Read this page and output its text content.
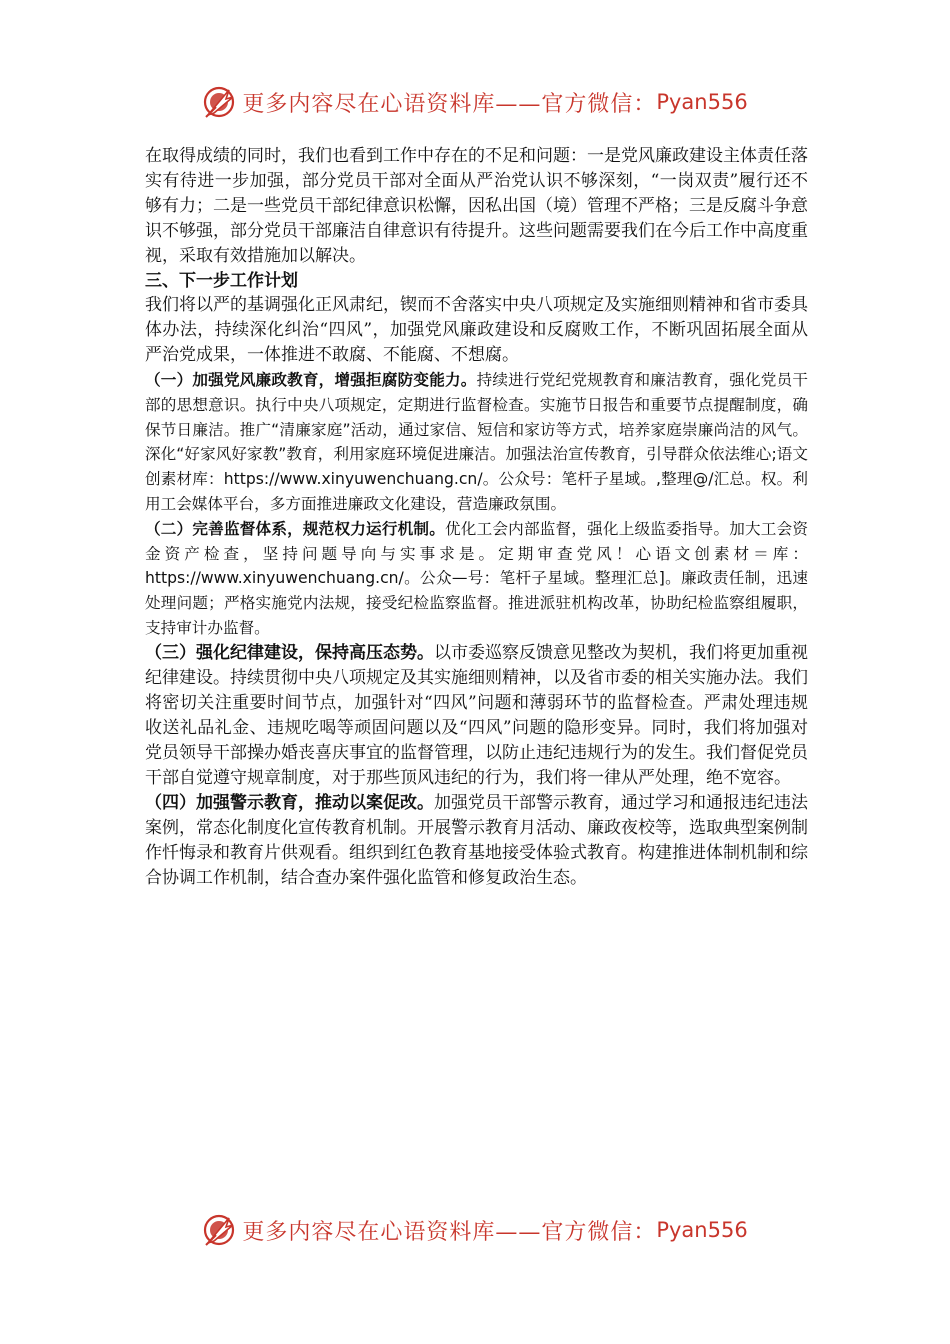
更多内容尽在心语资料库——官方微信： Pyan556

在取得成绩的同时，我们也看到工作中存在的不足和问题：一是党风廉政建设主体责任落实有待进一步加强，部分党员干部对全面从严治党认识不够深刻，“一岗双责”履行还不够有力；二是一些党员干部纪律意识松懈，因私出国（境）管理不严格；三是反腐斗争意识不够强，部分党员干部廉洁自律意识有待提升。这些问题需要我们在今后工作中高度重视，采取有效措施加以解决。

三、下一步工作计划

我们将以严的基调强化正风肃纪，锲而不舍落实中央八项规定及实施细则精神和省市委具体办法，持续深化纠治“四风”，加强党风廉政建设和反腐败工作，不断巩固拓展全面从严治党成果，一体推进不敢腐、不能腐、不想腐。

（一）加强党风廉政教育，增强拒腐防变能力。持续进行党纪党规教育和廉洁教育，强化党员干部的思想意识。执行中央八项规定，定期进行监督检查。实施节日报告和重要节点提醒制度，确保节日廉洁。推广“清廉家庭”活动，通过家信、短信和家访等方式，培养家庭崇廉尚洁的风气。深化“好家风好家教”教育，利用家庭环境促进廉洁。加强法治宣传教育，引导群众依法维心;语文创素材库：https://www.xinyuwenchuang.cn/。公众号：笔杆子星域。,整理@/汇总。权。利用工会媒体平台，多方面推进廉政文化建设，营造廉政氛围。

（二）完善监督体系，规范权力运行机制。优化工会内部监督，强化上级监委指导。加大工会资金资产检查，坚持问题导向与实事求是。定期审查党风！心语文创素材＝库：https://www.xinyuwenchuang.cn/。公众—号：笔杆子星域。整理汇总]。廉政责任制，迅速处理问题；严格实施党内法规，接受纪检监察监督。推进派驻机构改革，协助纪检监察组履职，支持审计办监督。

（三）强化纪律建设，保持高压态势。以市委巡察反馈意见整改为契机，我们将更加重视纪律建设。持续贯彻中央八项规定及其实施细则精神，以及省市委的相关实施办法。我们将密切关注重要时间节点，加强针对“四风”问题和薄弱环节的监督检查。严肃处理违规收送礼品礼金、违规吃喝等顽固问题以及“四风”问题的隐形变异。同时，我们将加强对党员领导干部操办婚丧喜庆事宜的监督管理，以防止违纪违规行为的发生。我们督促党员干部自觉遵守规章制度，对于那些顶风违纪的行为，我们将一律从严处理，绝不宽容。

（四）加强警示教育，推动以案促改。加强党员干部警示教育，通过学习和通报违纪违法案例，常态化制度化宣传教育机制。开展警示教育月活动、廉政夜校等，选取典型案例制作忏悔录和教育片供观看。组织到红色教育基地接受体验式教育。构建推进体制机制和综合协调工作机制，结合查办案件强化监管和修复政治生态。

更多内容尽在心语资料库——官方微信： Pyan556
